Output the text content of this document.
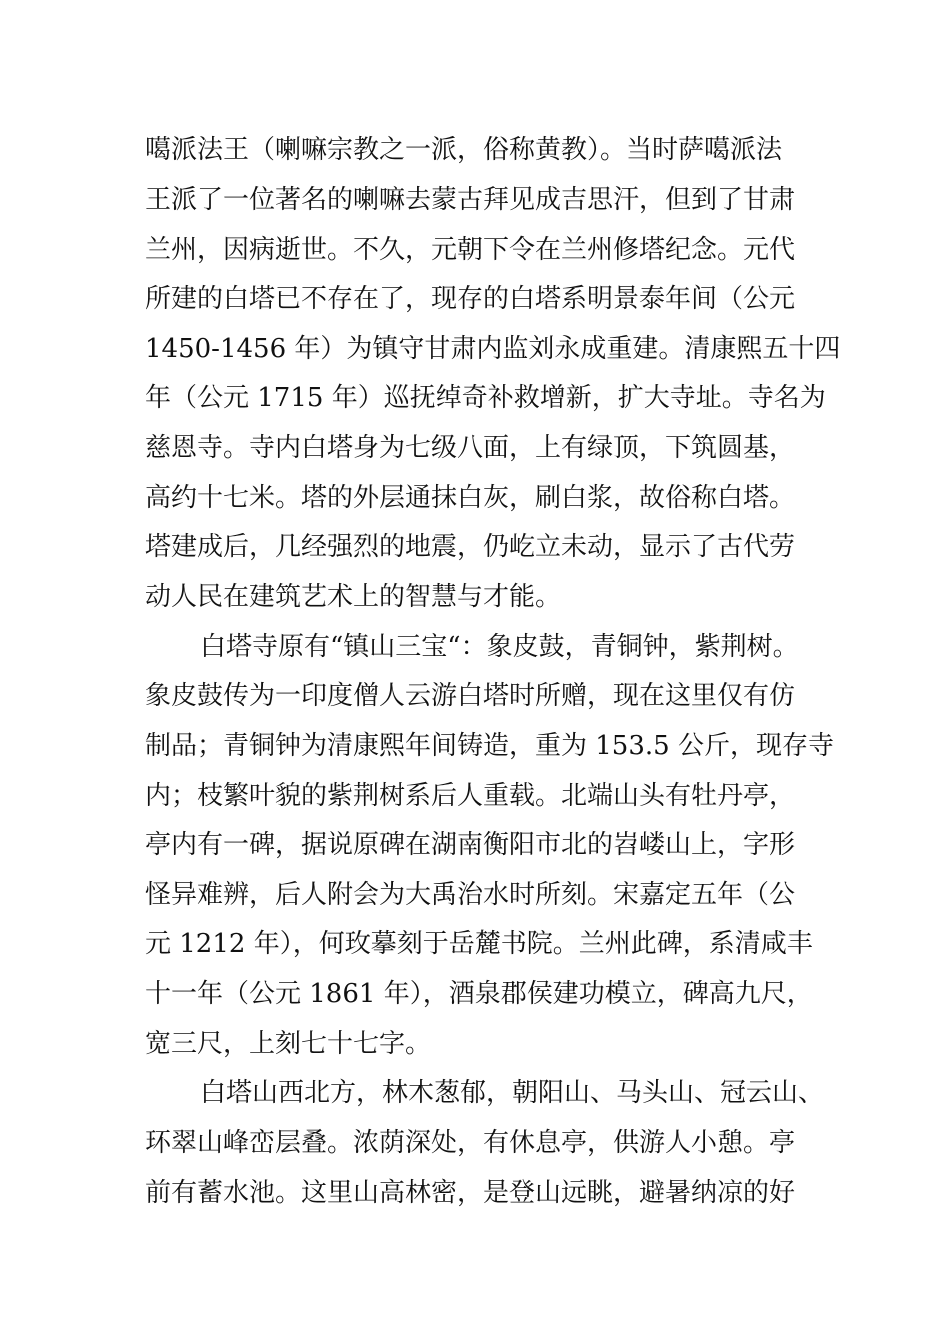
噶派法王（喇嘛宗教之一派，俗称黄教）。当时萨噶派法

王派了一位著名的喇嘛去蒙古拜见成吉思汗，但到了甘肃

兰州，因病逝世。不久，元朝下令在兰州修塔纪念。元代

所建的白塔已不存在了，现存的白塔系明景泰年间（公元

1450-1456 年）为镇守甘肃内监刘永成重建。清康熙五十四

年（公元 1715 年）巡抚绰奇补救增新，扩大寺址。寺名为

慈恩寺。寺内白塔身为七级八面，上有绿顶，下筑圆基，

高约十七米。塔的外层通抹白灰，刷白浆，故俗称白塔。

塔建成后，几经强烈的地震，仍屹立未动，显示了古代劳

动人民在建筑艺术上的智慧与才能。

白塔寺原有“镇山三宝“：象皮鼓，青铜钟，紫荆树。

象皮鼓传为一印度僧人云游白塔时所赠，现在这里仅有仿

制品；青铜钟为清康熙年间铸造，重为 153.5 公斤，现存寺

内；枝繁叶貌的紫荆树系后人重载。北端山头有牡丹亭，

亭内有一碑，据说原碑在湖南衡阳市北的岧嵝山上，字形

怪异难辨，后人附会为大禹治水时所刻。宋嘉定五年（公

元 1212 年），何玫摹刻于岳麓书院。兰州此碑，系清咸丰

十一年（公元 1861 年），酒泉郡侯建功模立，碑高九尺，

宽三尺，上刻七十七字。

白塔山西北方，林木葱郁，朝阳山、马头山、冠云山、

环翠山峰峦层叠。浓荫深处，有休息亭，供游人小憩。亭

前有蓄水池。这里山高林密，是登山远眺，避暑纳凉的好
